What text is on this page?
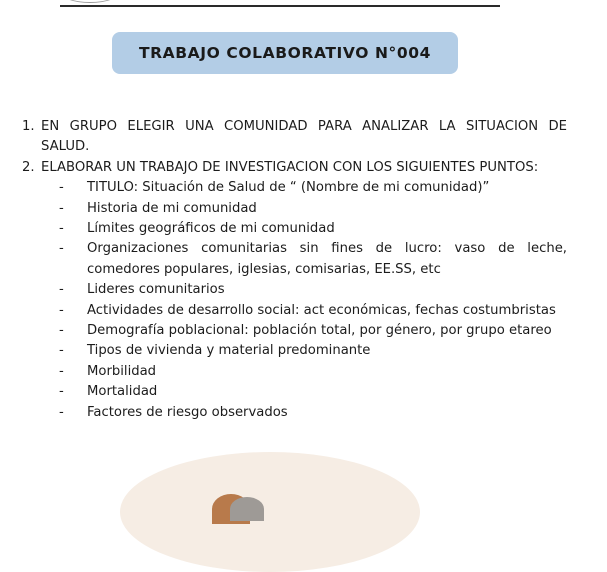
TRABAJO COLABORATIVO N°004
1. EN GRUPO ELEGIR UNA COMUNIDAD PARA ANALIZAR LA SITUACION DE SALUD.
2. ELABORAR UN TRABAJO DE INVESTIGACION CON LOS SIGUIENTES PUNTOS:
-	TITULO: Situación de Salud de “ (Nombre de mi comunidad)”
-	Historia de mi comunidad
-	Límites geográficos de mi comunidad
-	Organizaciones comunitarias sin fines de lucro: vaso de leche, comedores populares, iglesias, comisarias, EE.SS, etc
-	Lideres comunitarios
-	Actividades de desarrollo social: act económicas, fechas costumbristas
-	Demografía poblacional: población total, por género, por grupo etareo
-	Tipos de vivienda y material predominante
-	Morbilidad
-	Mortalidad
-	Factores de riesgo observados
